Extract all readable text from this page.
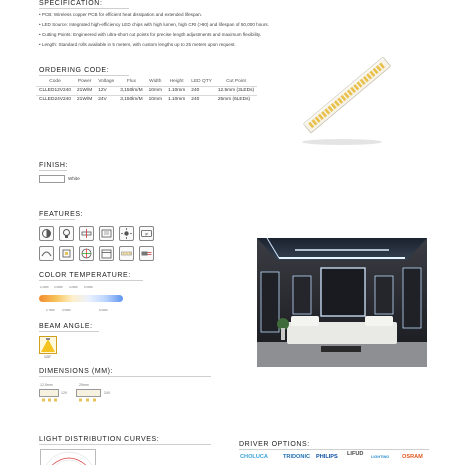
SPECIFICATION:
• PCB: Wireless copper PCB for efficient heat dissipation and extended lifespan.
• LED Source: Integrated high-efficiency LED chips with high lumen, high CRI (>90) and lifespan of 50,000 hours.
• Cutting Points: Engineered with ultra-short cut points for precise length adjustments and maximum flexibility.
• Length: Standard rolls available in 5 meters, with custom lengths up to 25 meters upon request.
ORDERING CODE:
Code	Power	Voltage	Flux	Width	Height	LED QTY	Cut Point
CLLED12V240	21W/M	12V	3,150lm/M	10mm	1.10mm	240	12.5mm (3LEDs)
CLLED24V240	21W/M	24V	3,150lm/M	10mm	1.10mm	240	25mm (6LEDs)
FINISH:
White
FEATURES:
IP
COLOR TEMPERATURE:
2,200K 3,000K 4,000K 5,000K
2,700K	3,500K	6,500K
BEAM ANGLE:
120°
DIMENSIONS (MM):
12.5mm
12V
25mm
24V
LIGHT DISTRIBUTION CURVES:
DRIVER OPTIONS:
CHOLUCA	TRIDONIC PHILIPS LIFUD LIGHTING OSRAM
